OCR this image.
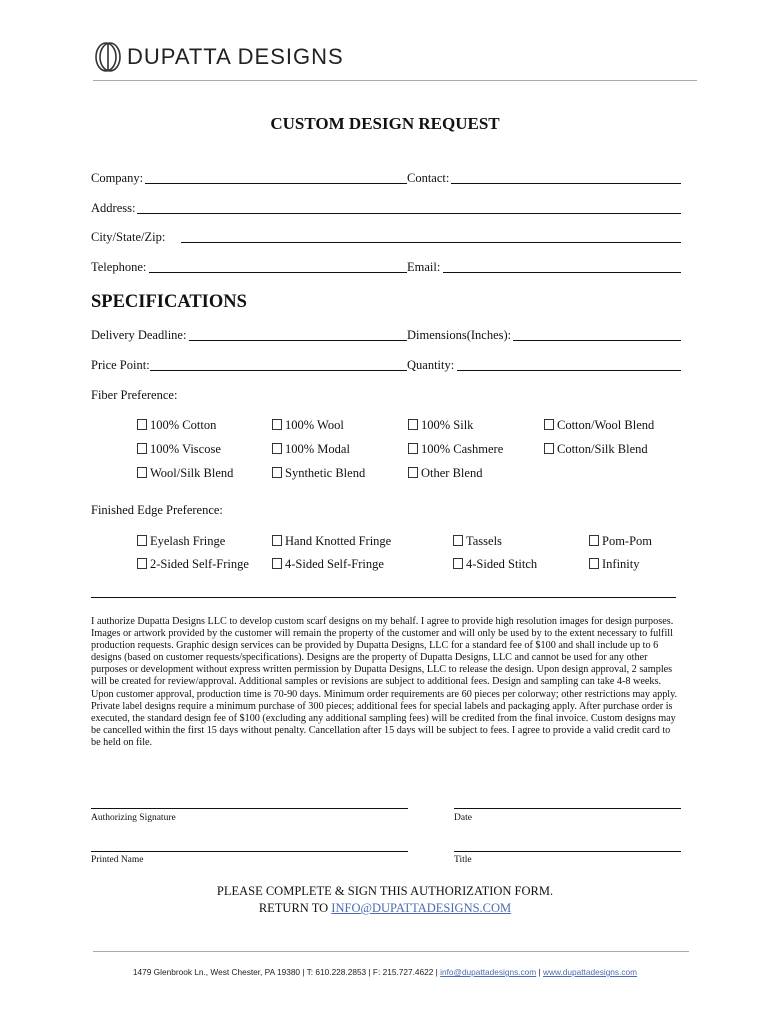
DUPATTA DESIGNS
CUSTOM DESIGN REQUEST
Company:	Contact:
Address:
City/State/Zip:
Telephone:	Email:
SPECIFICATIONS
Delivery Deadline:	Dimensions(Inches):
Price Point:	Quantity:
Fiber Preference:
100% Cotton	100% Wool	100% Silk	Cotton/Wool Blend
100% Viscose	100% Modal	100% Cashmere	Cotton/Silk Blend
Wool/Silk Blend	Synthetic Blend	Other Blend
Finished Edge Preference:
Eyelash Fringe	Hand Knotted Fringe	Tassels	Pom-Pom
2-Sided Self-Fringe	4-Sided Self-Fringe	4-Sided Stitch	Infinity
I authorize Dupatta Designs LLC to develop custom scarf designs on my behalf. I agree to provide high resolution images for design purposes. Images or artwork provided by the customer will remain the property of the customer and will only be used by to the extent necessary to fulfill production requests. Graphic design services can be provided by Dupatta Designs, LLC for a standard fee of $100 and shall include up to 6 designs (based on customer requests/specifications). Designs are the property of Dupatta Designs, LLC and cannot be used for any other purposes or development without express written permission by Dupatta Designs, LLC to release the design. Upon design approval, 2 samples will be created for review/approval. Additional samples or revisions are subject to additional fees. Design and sampling can take 4-8 weeks. Upon customer approval, production time is 70-90 days. Minimum order requirements are 60 pieces per colorway; other restrictions may apply. Private label designs require a minimum purchase of 300 pieces; additional fees for special labels and packaging apply. After purchase order is executed, the standard design fee of $100 (excluding any additional sampling fees) will be credited from the final invoice. Custom designs may be cancelled within the first 15 days without penalty. Cancellation after 15 days will be subject to fees. I agree to provide a valid credit card to be held on file.
Authorizing Signature	Date
Printed Name	Title
PLEASE COMPLETE & SIGN THIS AUTHORIZATION FORM.
RETURN TO INFO@DUPATTADESIGNS.COM
1479 Glenbrook Ln., West Chester, PA 19380 | T: 610.228.2853 | F: 215.727.4622 | info@dupattadesigns.com | www.dupattadesigns.com
